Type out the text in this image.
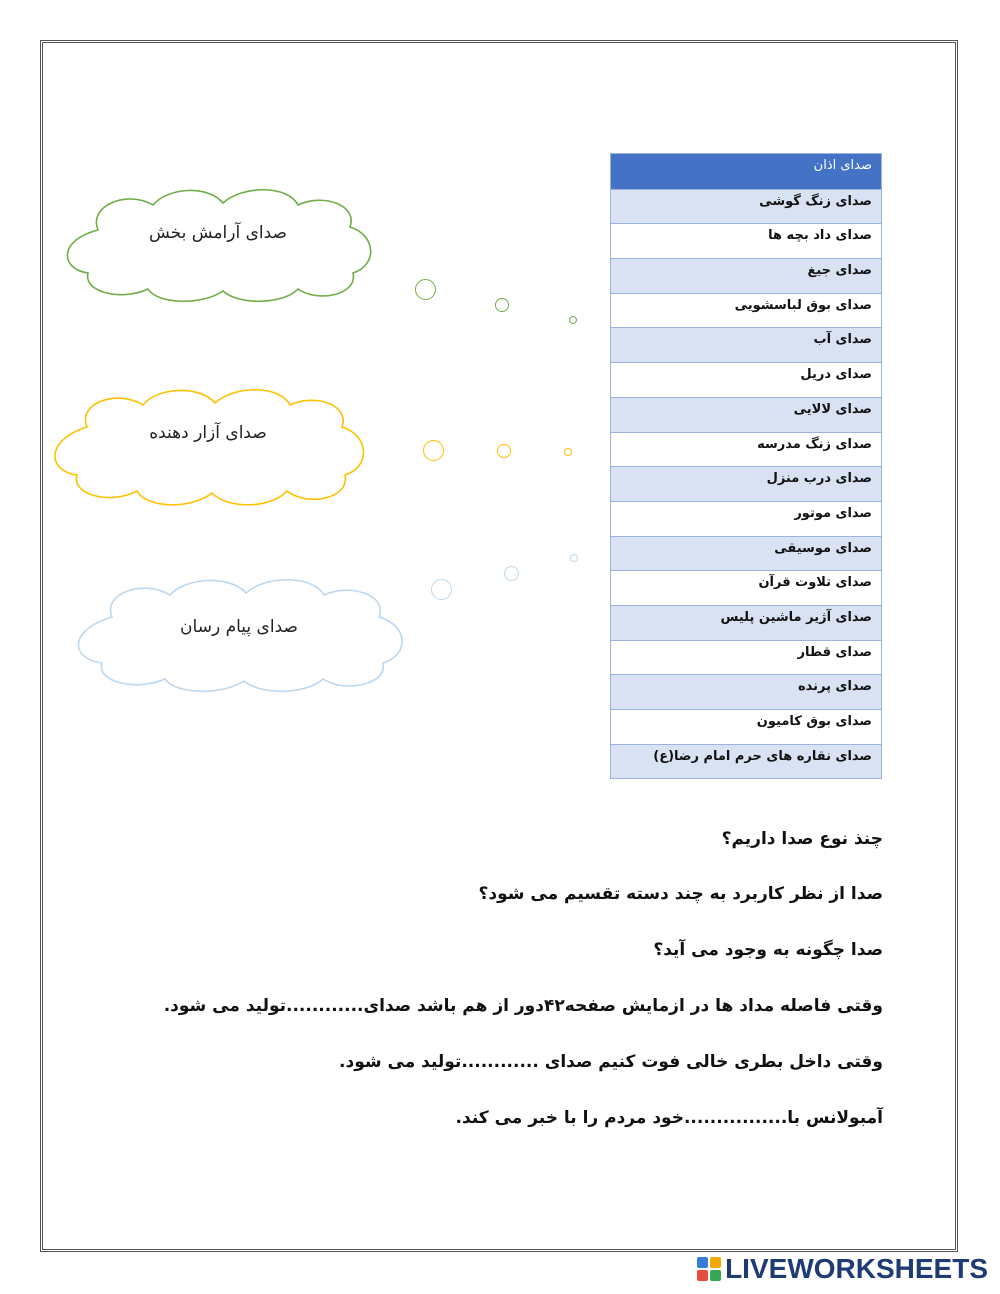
صدای اذان
صدای زنگ گوشی
صدای داد بچه ها
صدای جیغ
صدای بوق لباسشویی
صدای آب
صدای دریل
صدای لالایی
صدای زنگ مدرسه
صدای درب منزل
صدای موتور
صدای موسیقی
صدای تلاوت قرآن
صدای آژیر ماشین پلیس
صدای قطار
صدای پرنده
صدای بوق کامیون
صدای نقاره های حرم امام رضا(ع)
صدای آرامش بخش
صدای آزار دهنده
صدای پیام رسان
چنذ نوع صدا داریم؟
صدا از نظر کاربرد به چند دسته تقسیم می شود؟
صدا چگونه به وجود می آید؟
وقتی فاصله مداد ها در ازمایش صفحه۴۲دور از هم باشد صدای............تولید می شود.
وقتی داخل بطری خالی فوت کنیم صدای ............تولید می شود.
آمبولانس با................خود مردم را با خبر می کند.
LIVEWORKSHEETS
